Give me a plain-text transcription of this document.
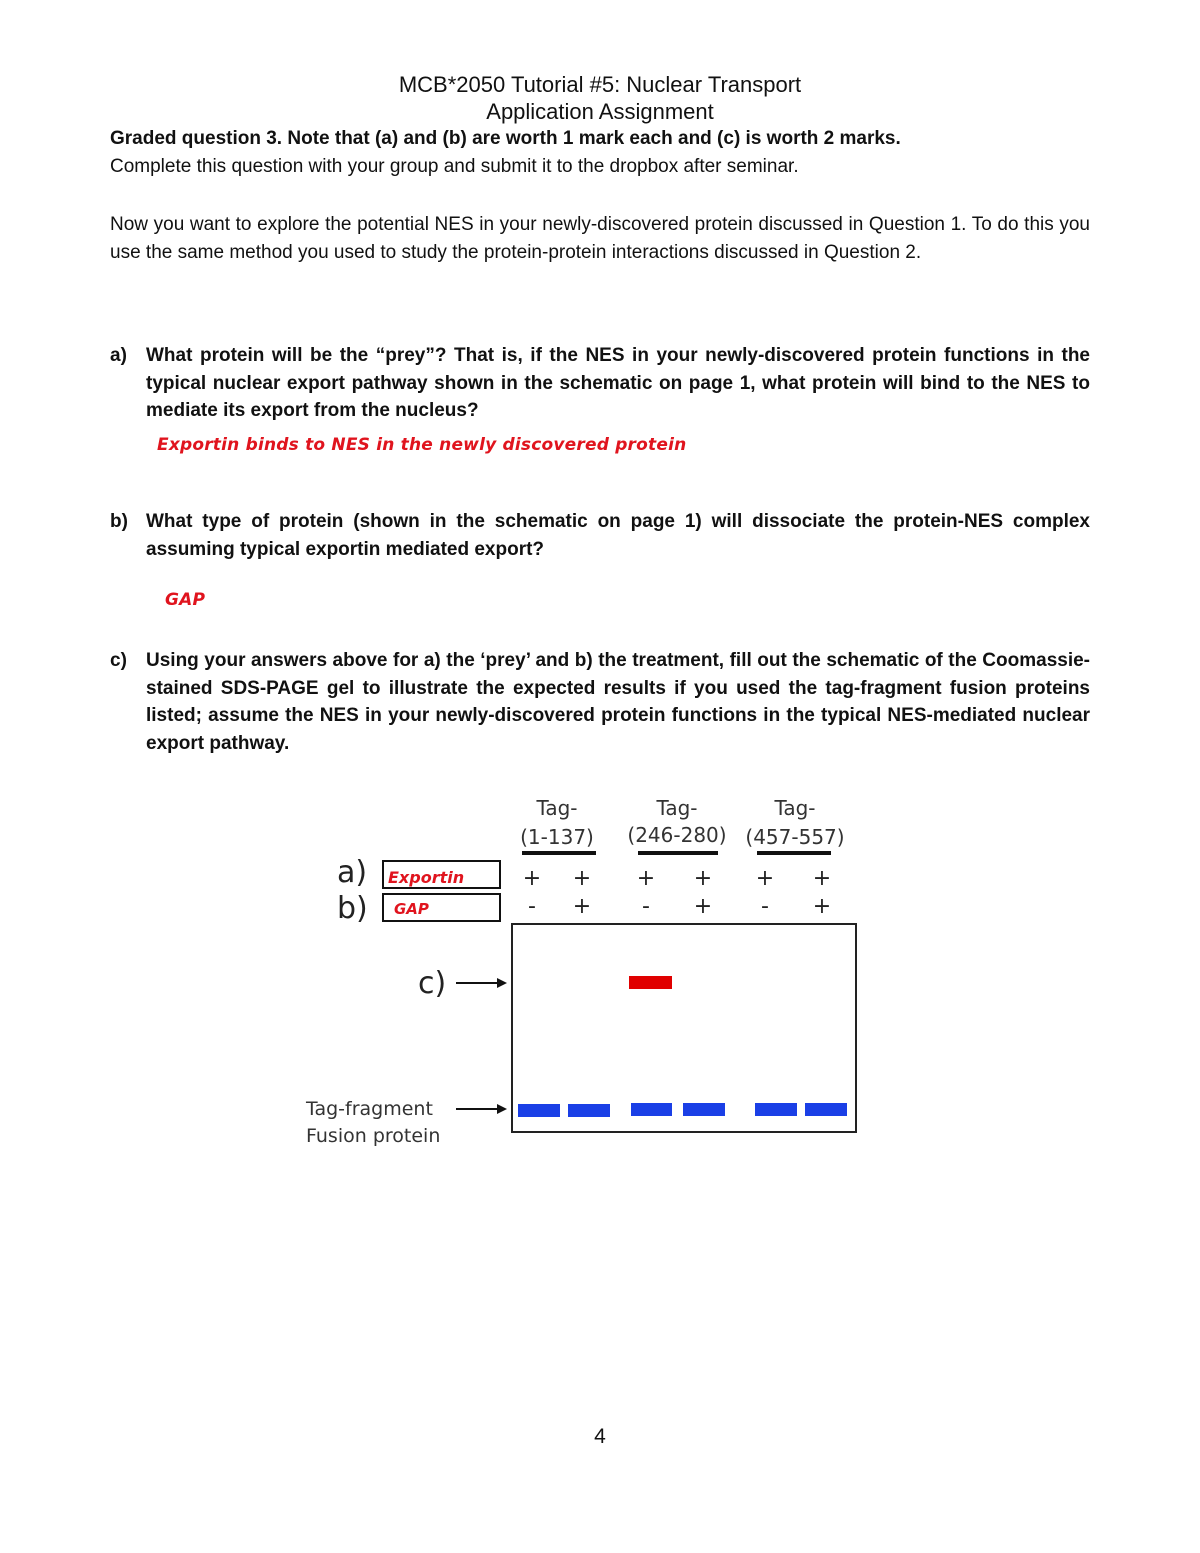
MCB*2050 Tutorial #5: Nuclear Transport
Application Assignment
Graded question 3. Note that (a) and (b) are worth 1 mark each and (c) is worth 2 marks.
Complete this question with your group and submit it to the dropbox after seminar.
Now you want to explore the potential NES in your newly-discovered protein discussed in Question 1. To do this you use the same method you used to study the protein-protein interactions discussed in Question 2.
a) What protein will be the “prey”? That is, if the NES in your newly-discovered protein functions in the typical nuclear export pathway shown in the schematic on page 1, what protein will bind to the NES to mediate its export from the nucleus?
Exportin binds to NES in the newly discovered protein
b) What type of protein (shown in the schematic on page 1) will dissociate the protein-NES complex assuming typical exportin mediated export?
GAP
c) Using your answers above for a) the ‘prey’ and b) the treatment, fill out the schematic of the Coomassie-stained SDS-PAGE gel to illustrate the expected results if you used the tag-fragment fusion proteins listed; assume the NES in your newly-discovered protein functions in the typical NES-mediated nuclear export pathway.
Tag-
(1-137)
Tag-
(246-280)
Tag-
(457-557)
a)
b)
Exportin
GAP
+ + + + + +
- + - + - +
c)
Tag-fragment
Fusion protein
4
